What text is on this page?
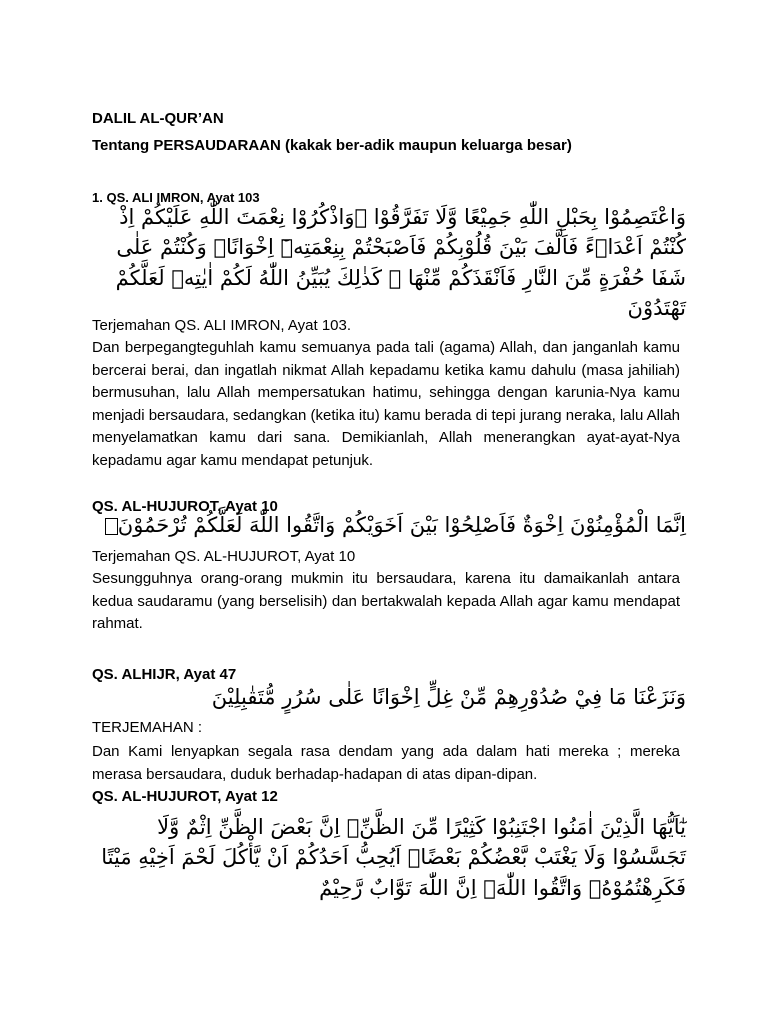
DALIL AL-QUR’AN
Tentang PERSAUDARAAN (kakak ber-adik maupun keluarga besar)
1. QS. ALI IMRON, Ayat 103
وَاعْتَصِمُوْا بِحَبْلِ اللّٰهِ جَمِيْعًا وَّلَا تَفَرَّقُوْا ۖوَاذْكُرُوْا نِعْمَتَ اللّٰهِ عَلَيْكُمْ اِذْ كُنْتُمْ اَعْدَاۤءً فَاَلَّفَ بَيْنَ قُلُوْبِكُمْ فَاَصْبَحْتُمْ بِنِعْمَتِهٖٓ اِخْوَانًاۚ وَكُنْتُمْ عَلٰى شَفَا حُفْرَةٍ مِّنَ النَّارِ فَاَنْقَذَكُمْ مِّنْهَا ۗ كَذٰلِكَ يُبَيِّنُ اللّٰهُ لَكُمْ اٰيٰتِهٖ لَعَلَّكُمْ تَهْتَدُوْنَ
Terjemahan QS. ALI IMRON, Ayat 103.
Dan berpegangteguhlah kamu semuanya pada tali (agama) Allah, dan janganlah kamu bercerai berai, dan ingatlah nikmat Allah kepadamu ketika kamu dahulu (masa jahiliah) bermusuhan, lalu Allah mempersatukan hatimu, sehingga dengan karunia-Nya kamu menjadi bersaudara, sedangkan (ketika itu) kamu berada di tepi jurang neraka, lalu Allah menyelamatkan kamu dari sana. Demikianlah, Allah menerangkan ayat-ayat-Nya kepadamu agar kamu mendapat petunjuk.
QS. AL-HUJUROT, Ayat 10
اِنَّمَا الْمُؤْمِنُوْنَ اِخْوَةٌ فَاَصْلِحُوْا بَيْنَ اَخَوَيْكُمْ وَاتَّقُوا اللّٰهَ لَعَلَّكُمْ تُرْحَمُوْنَ
Terjemahan QS. AL-HUJUROT, Ayat 10
Sesungguhnya orang-orang mukmin itu bersaudara, karena itu damaikanlah antara kedua saudaramu (yang berselisih) dan bertakwalah kepada Allah agar kamu mendapat rahmat.
QS. ALHIJR, Ayat 47
وَنَزَعْنَا مَا فِيْ صُدُوْرِهِمْ مِّنْ غِلٍّ اِخْوَانًا عَلٰى سُرُرٍ مُّتَقٰبِلِيْنَ
TERJEMAHAN :
Dan Kami lenyapkan segala rasa dendam yang ada dalam hati mereka ; mereka merasa bersaudara, duduk berhadap-hadapan di atas dipan-dipan.
QS. AL-HUJUROT, Ayat 12
يٰٓاَيُّهَا الَّذِيْنَ اٰمَنُوا اجْتَنِبُوْا كَثِيْرًا مِّنَ الظَّنِّۖ اِنَّ بَعْضَ الظَّنِّ اِثْمٌ وَّلَا تَجَسَّسُوْا وَلَا يَغْتَبْ بَّعْضُكُمْ بَعْضًاۗ اَيُحِبُّ اَحَدُكُمْ اَنْ يَّأْكُلَ لَحْمَ اَخِيْهِ مَيْتًا فَكَرِهْتُمُوْهُۗ وَاتَّقُوا اللّٰهَۗ اِنَّ اللّٰهَ تَوَّابٌ رَّحِيْمٌ
